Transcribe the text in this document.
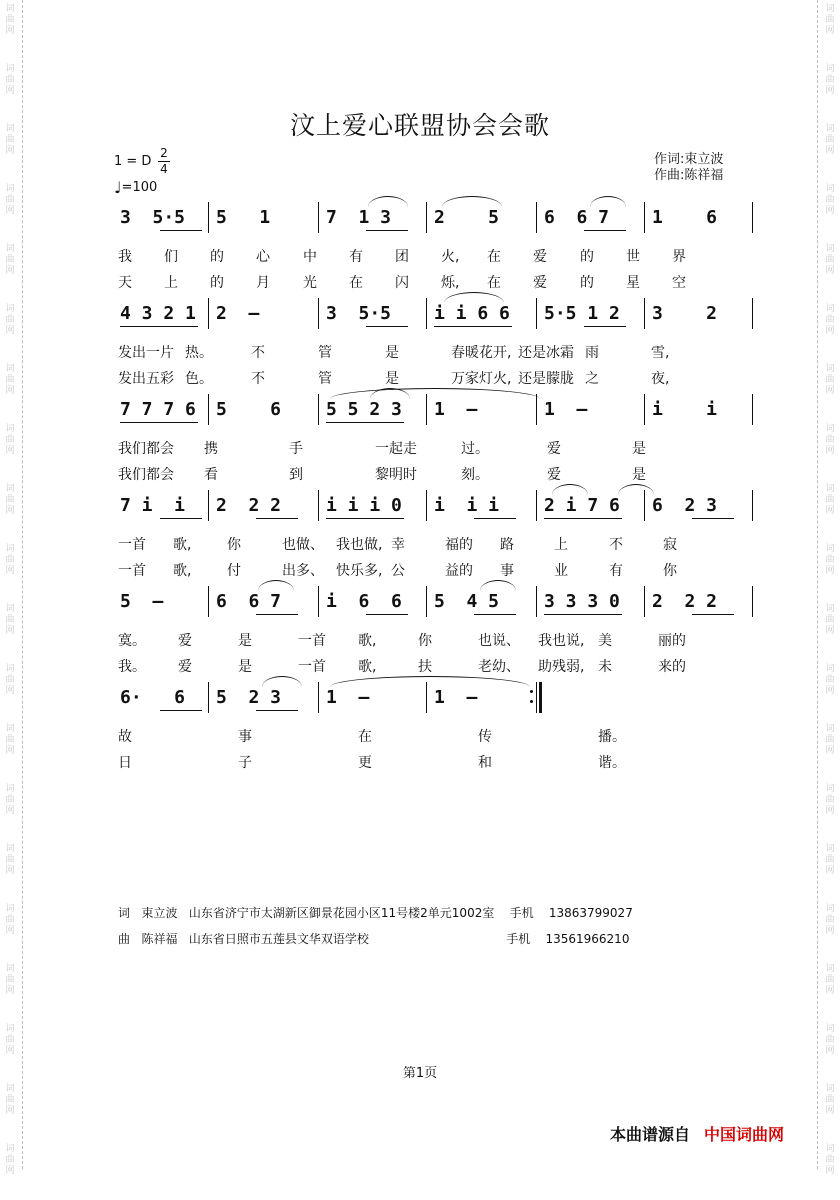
词
曲
网
词
曲
网
词
曲
网
词
曲
网
词
曲
网
词
曲
网
词
曲
网
词
曲
网
词
曲
网
词
曲
网
词
曲
网
词
曲
网
词
曲
网
词
曲
网
词
曲
网
词
曲
网
词
曲
网
词
曲
网
词
曲
网
词
曲
网
词
曲
网
词
曲
网
词
曲
网
词
曲
网
词
曲
网
词
曲
网
词
曲
网
词
曲
网
词
曲
网
词
曲
网
词
曲
网
词
曲
网
词
曲
网
词
曲
网
词
曲
网
词
曲
网
词
曲
网
词
曲
网
词
曲
网
词
曲
网
汶上爱心联盟协会会歌
1 = D $\frac{2}{4}$
♩=100
作词:束立波
作曲:陈祥福
3  5·5 5   1	7  1 3 2    5 6  6 7 1    6
我 们 的 心 中 有 团 火, 在 爱 的 世 界
天 上 的 月 光 在 闪 烁, 在 爱 的 星 空
4 3 2 1 2  –	3  5·5 i i 6 6 5·5 1 2 3    2
发出一片 热。	不	管	是	春暖花开, 还是冰霜 雨	雪,
发出五彩 色。	不	管	是	万家灯火, 还是朦胧 之	夜,
7 7 7 6 5    6 5 5 2 3 1  –	1  –	i    i
我们都会 携	手	一起走	过。	爱	是
我们都会 看	到	黎明时	刻。	爱	是
7 i  i 2  2 2 i i i 0 i  i i 2 i 7 6 6  2 3
一首 歌,	你	也做、 我也做, 幸	福的 路	上	不	寂
一首 歌,	付	出多、 快乐多, 公	益的 事	业	有	你
5  –	6  6 7 i  6  6 5  4 5 3 3 3 0 2  2 2
寞。 爱	是	一首 歌,	你	也说、 我也说, 美	丽的
我。 爱	是	一首 歌,	扶	老幼、 助残弱, 未	来的
6·   6 5  2 3 1  –	1  –
故	事	在	传	播。
日	子	更	和	谐。
词   束立波   山东省济宁市太湖新区御景花园小区11号楼2单元1002室    手机    13863799027
曲   陈祥福   山东省日照市五莲县文华双语学校                                    手机    13561966210
第1页
本曲谱源自 中国词曲网
